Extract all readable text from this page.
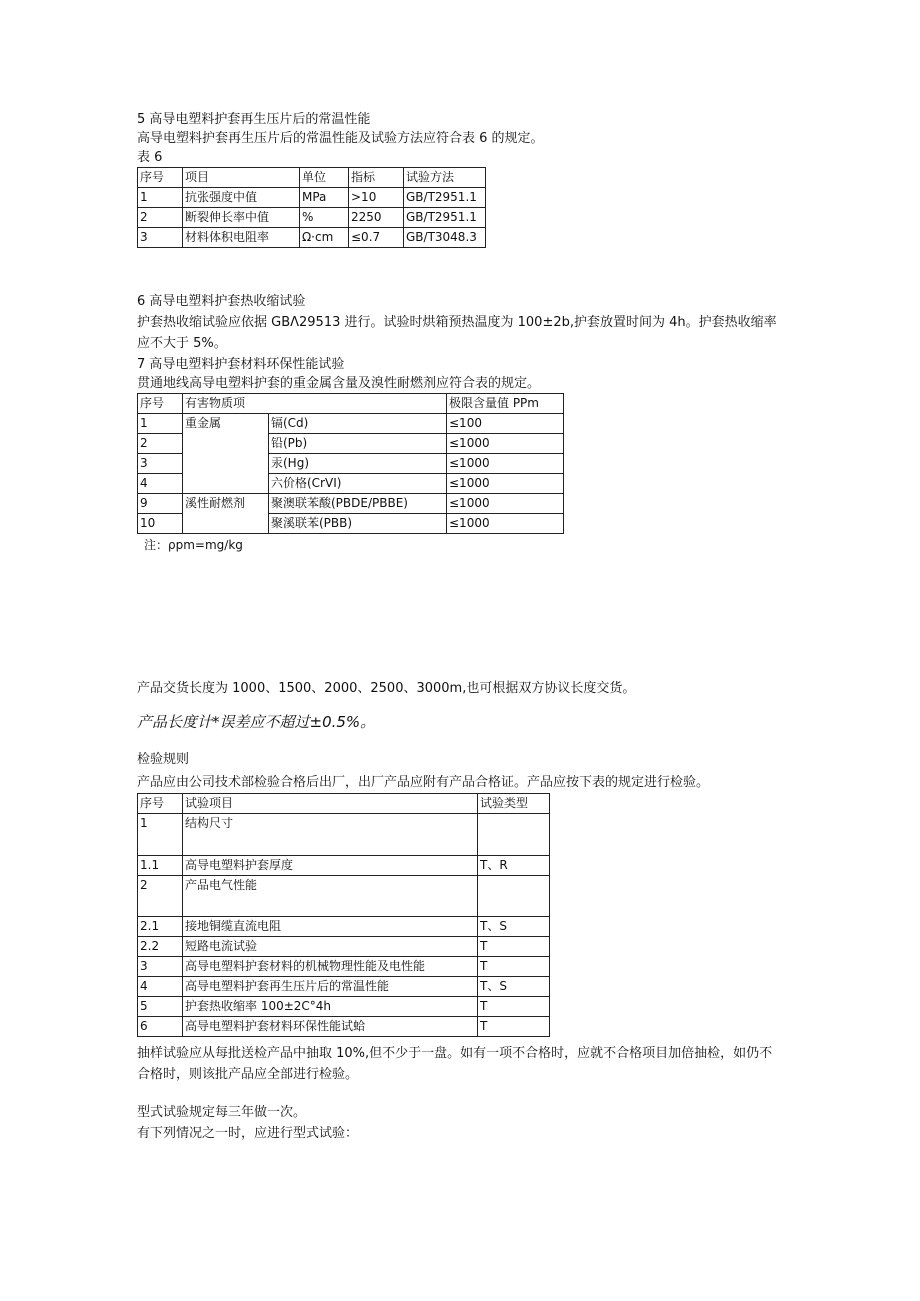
5 高导电塑料护套再生压片后的常温性能
高导电塑料护套再生压片后的常温性能及试验方法应符合表 6 的规定。
表 6
序号	项目	单位	指标	试验方法
1	抗张强度中值	MPa	>10	GB/T2951.1
2	断裂伸长率中值	%	2250	GB/T2951.1
3	材料体积电阻率	Ω·cm	≤0.7	GB/T3048.3
6 高导电塑料护套热收缩试验
护套热收缩试验应依据 GBΛ29513 进行。试验时烘箱预热温度为 100±2b,护套放置时间为 4h。护套热收缩率应不大于 5%。
7 高导电塑料护套材料环保性能试验
贯通地线高导电塑料护套的重金属含量及溴性耐燃剂应符合表的规定。
序号	有害物质项		极限含量值 PPm
1	重金属	镉(Cd)	≤100
2		铅(Pb)	≤1000
3		汞(Hg)	≤1000
4		六价格(CrVI)	≤1000
9	溪性耐燃剂	聚澳联苯酸(PBDE/PBBE)	≤1000
10		聚溪联苯(PBB)	≤1000
注：ρpm=mg∕kg
产品交货长度为 1000、1500、2000、2500、3000m,也可根据双方协议长度交货。
产品长度计*误差应不超过±0.5%。
检验规则
产品应由公司技术部检验合格后出厂，出厂产品应附有产品合格证。产品应按下表的规定进行检验。
序号	试验项目	试验类型
1	结构尺寸	
1.1	高导电塑料护套厚度	T、R
2	产品电气性能	
2.1	接地铜缆直流电阻	T、S
2.2	短路电流试验	T
3	高导电塑料护套材料的机械物理性能及电性能	T
4	高导电塑料护套再生压片后的常温性能	T、S
5	护套热收缩率 100±2C°4h	T
6	高导电塑料护套材料环保性能试蛤	T
抽样试验应从每批送检产品中抽取 10%,但不少于一盘。如有一项不合格时，应就不合格项目加倍抽检，如仍不合格时，则该批产品应全部进行检验。
型式试验规定每三年做一次。
有下列情况之一时，应进行型式试验：
